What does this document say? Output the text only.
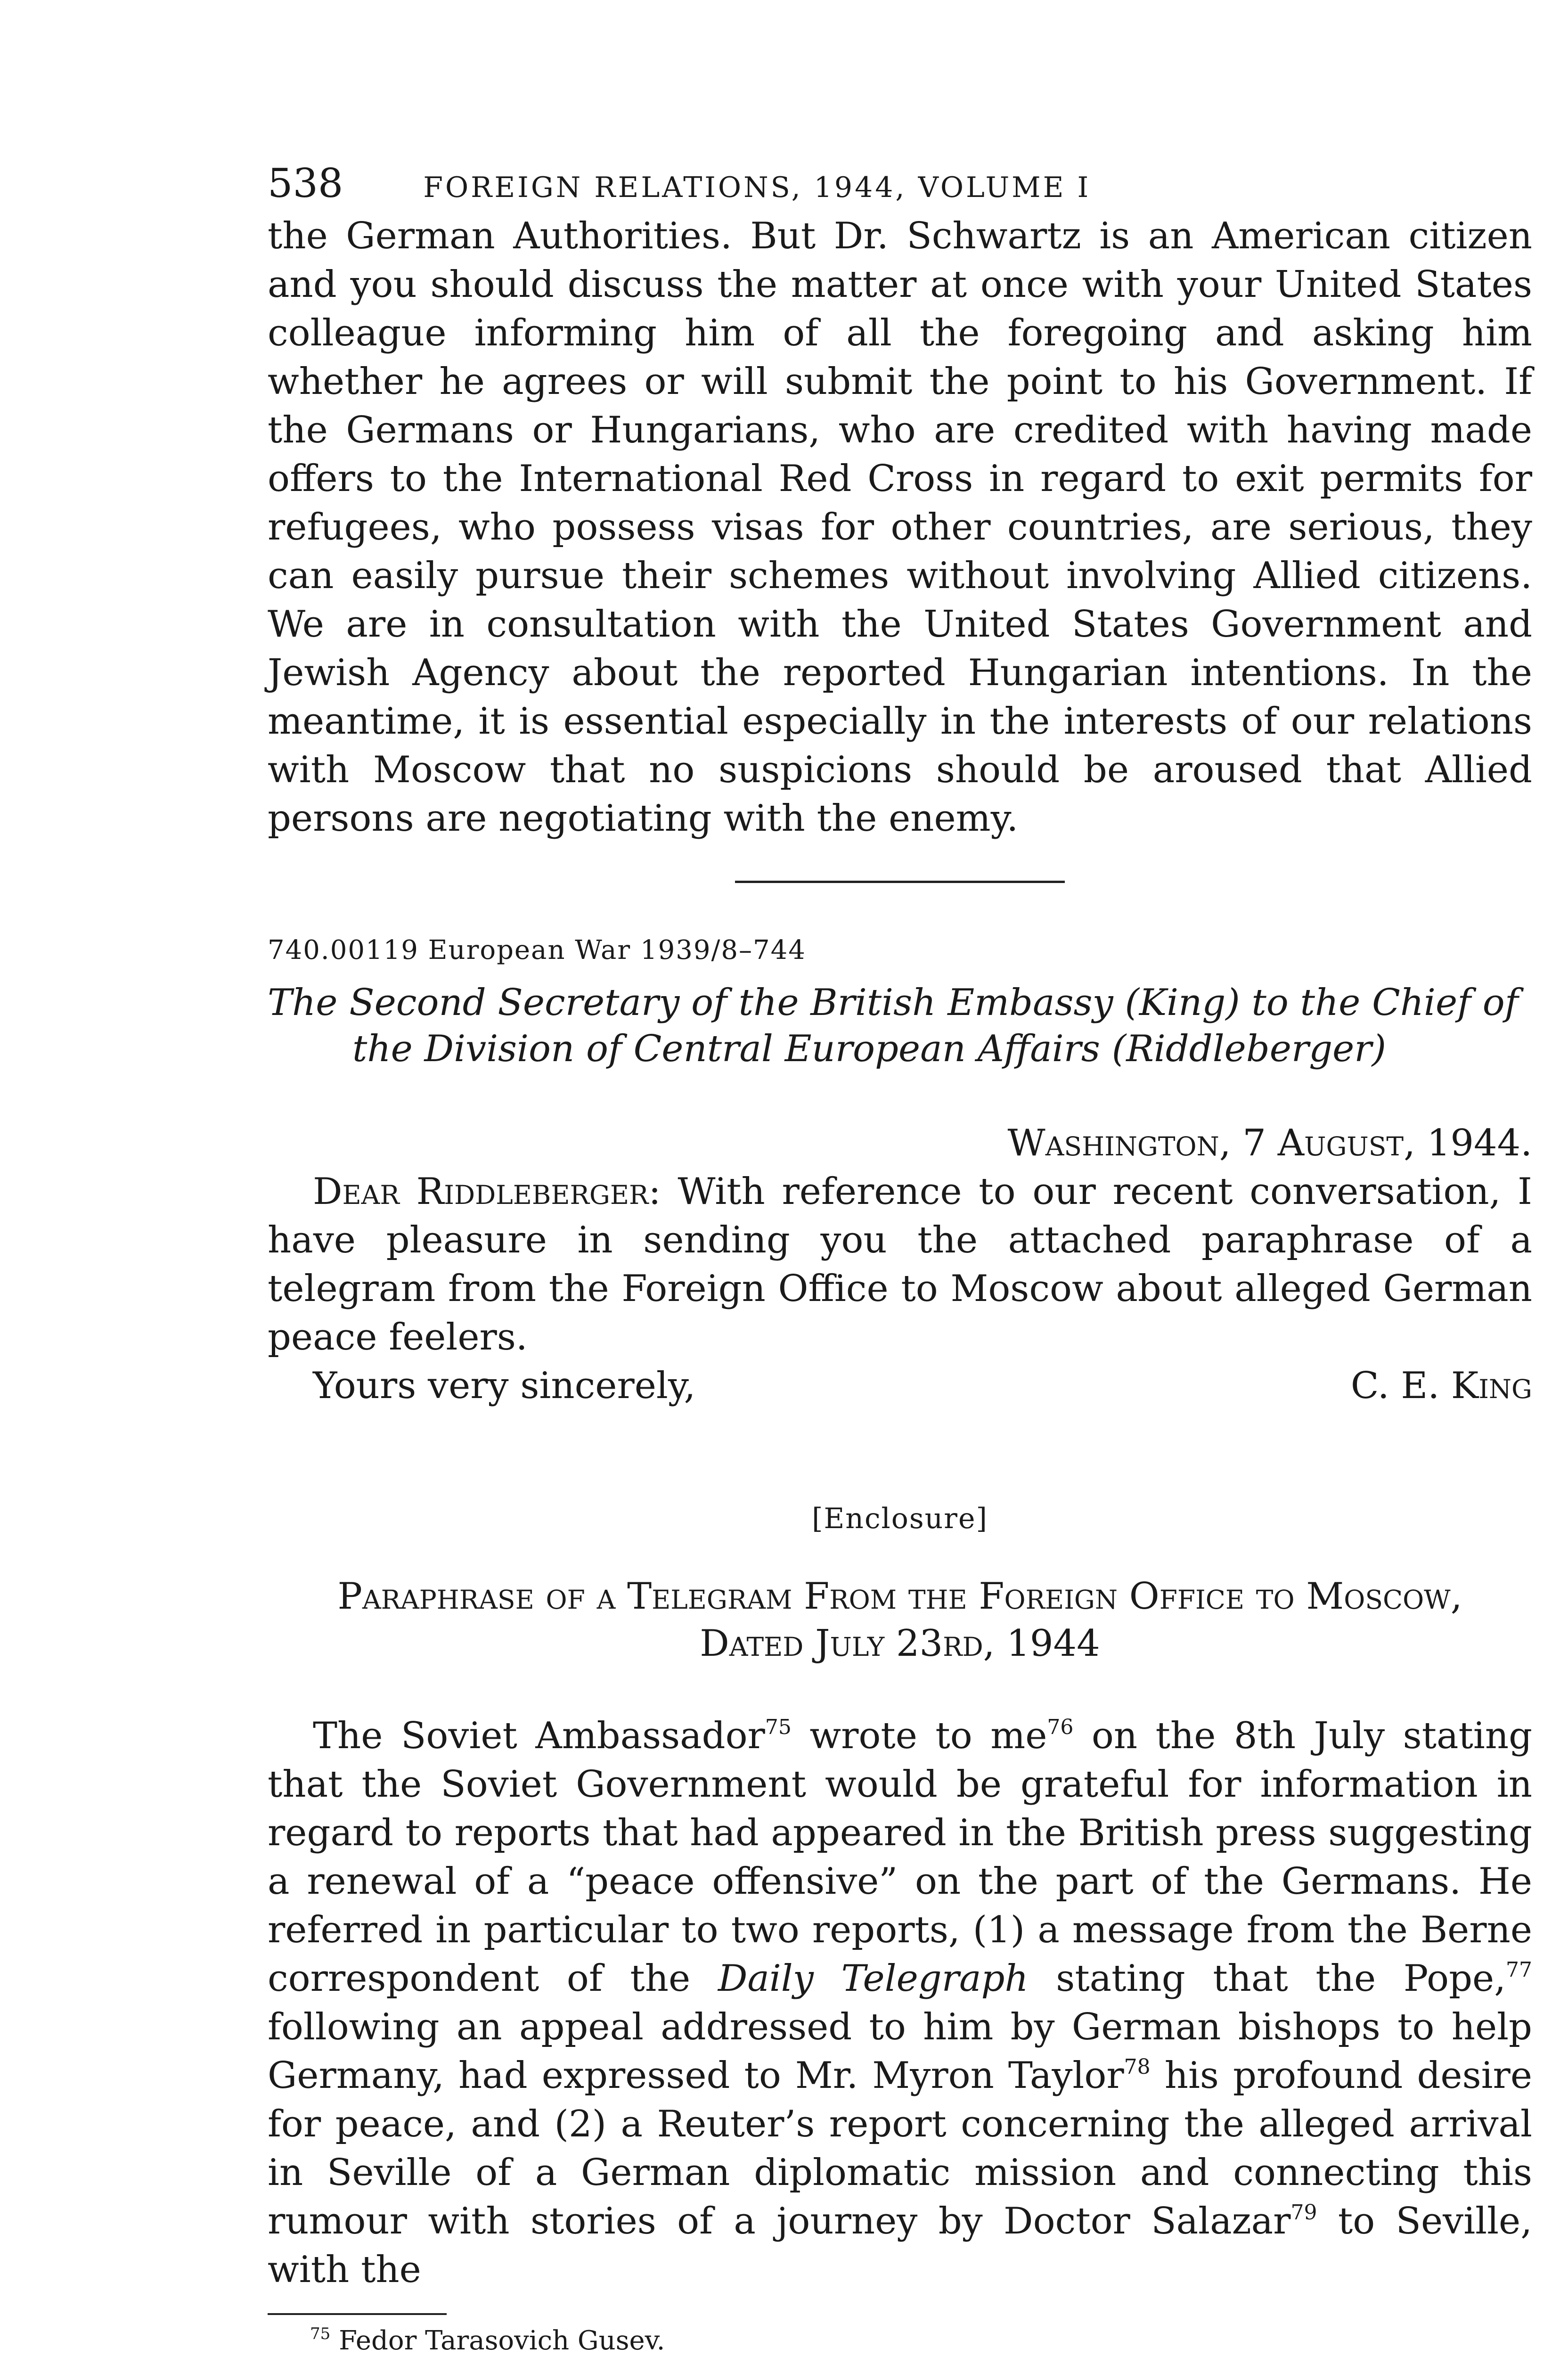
538	FOREIGN RELATIONS, 1944, VOLUME I

the German Authorities. But Dr. Schwartz is an American citizen and you should discuss the matter at once with your United States colleague informing him of all the foregoing and asking him whether he agrees or will submit the point to his Government. If the Germans or Hungarians, who are credited with having made offers to the International Red Cross in regard to exit permits for refugees, who possess visas for other countries, are serious, they can easily pursue their schemes without involving Allied citizens. We are in consultation with the United States Government and Jewish Agency about the reported Hungarian intentions. In the meantime, it is essential especially in the interests of our relations with Moscow that no suspicions should be aroused that Allied persons are negotiating with the enemy.

740.00119 European War 1939/8–744

The Second Secretary of the British Embassy (King) to the Chief of
the Division of Central European Affairs (Riddleberger)

Washington, 7 August, 1944.

Dear Riddleberger: With reference to our recent conversation, I have pleasure in sending you the attached paraphrase of a telegram from the Foreign Office to Moscow about alleged German peace feelers.

Yours very sincerely,	C. E. King
[Enclosure]
Paraphrase of a Telegram From the Foreign Office to Moscow,
Dated July 23rd, 1944

The Soviet Ambassador$^{75}$ wrote to $me^{76}$ on the 8th July stating that the Soviet Government would be grateful for information in regard to reports that had appeared in the British press suggesting a renewal of a “peace offensive” on the part of the Germans. He referred in particular to two reports, (1) a message from the Berne correspondent of the Daily Telegraph stating that the Pope,$^{77}$ following an appeal addressed to him by German bishops to help Germany, had expressed to Mr. Myron Taylor$^{78}$ his profound desire for peace, and (2) a Reuter’s report concerning the alleged arrival in Seville of a German diplomatic mission and connecting this rumour with stories of a journey by Doctor Salazar$^{79}$ to Seville, with the

$^{75}$ Fedor Tarasovich Gusev.
